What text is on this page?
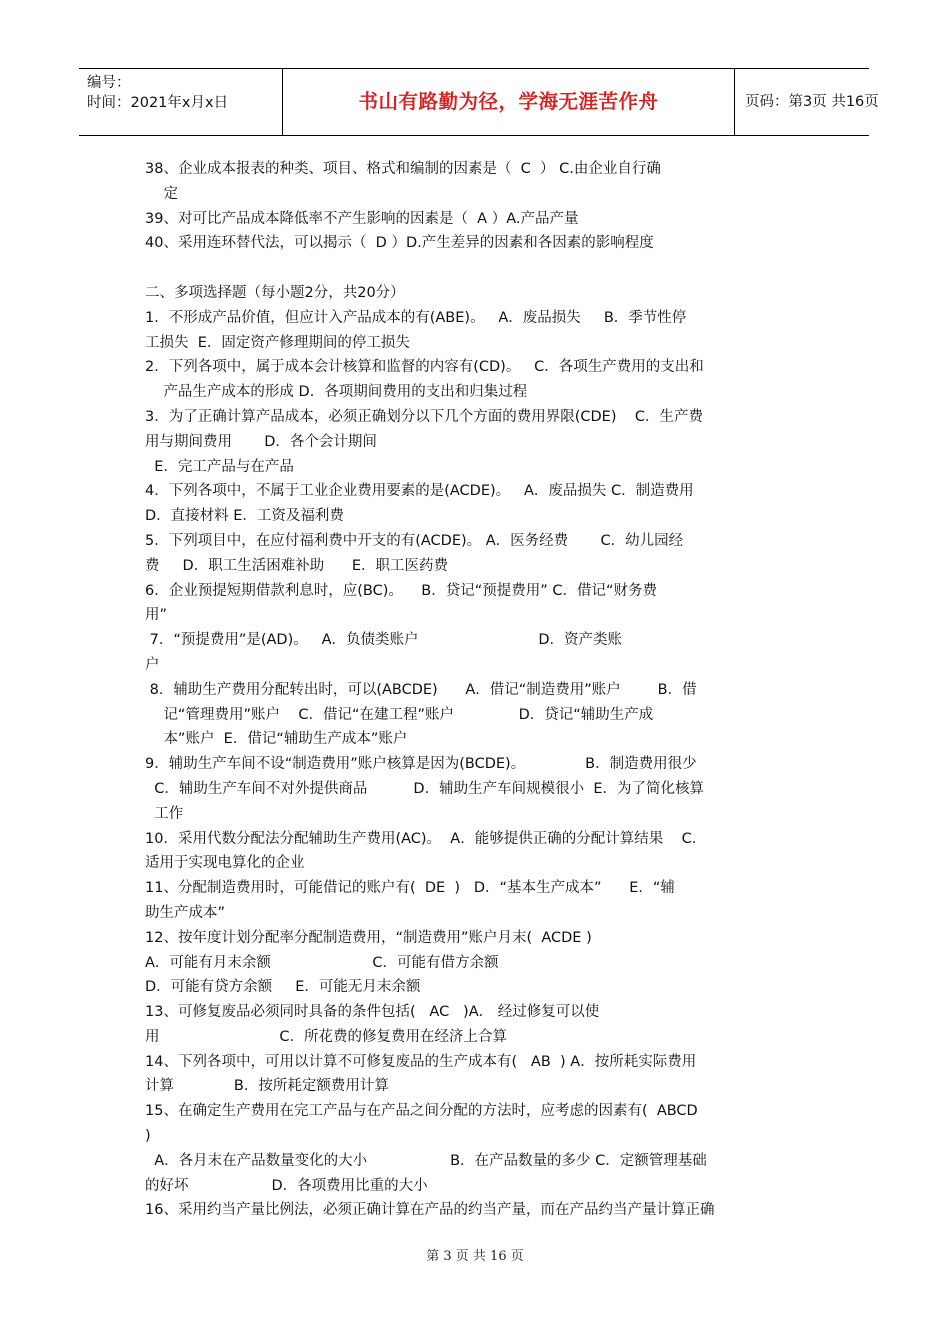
编号：
时间：2021年x月x日	书山有路勤为径，学海无涯苦作舟	页码：第3页 共16页

38、企业成本报表的种类、项目、格式和编制的因素是（  C  ） C.由企业自行确

定

39、对可比产品成本降低率不产生影响的因素是（  A ）A.产品产量

40、采用连环替代法，可以揭示（  D ）D.产生差异的因素和各因素的影响程度

二、多项选择题（每小题2分，共20分）

1．不形成产品价值，但应计入产品成本的有(ABE)。   A．废品损失     B．季节性停

工损失  E．固定资产修理期间的停工损失

2．下列各项中，属于成本会计核算和监督的内容有(CD)。   C．各项生产费用的支出和

产品生产成本的形成 D．各项期间费用的支出和归集过程

3．为了正确计算产品成本，必须正确划分以下几个方面的费用界限(CDE)    C．生产费

用与期间费用       D．各个会计期间

E．完工产品与在产品

4．下列各项中，不属于工业企业费用要素的是(ACDE)。   A．废品损失 C．制造费用

D．直接材料 E．工资及福利费

5．下列项目中，在应付福利费中开支的有(ACDE)。 A．医务经费       C．幼儿园经

费     D．职工生活困难补助      E．职工医药费

6．企业预提短期借款利息时，应(BC)。    B．贷记“预提费用” C．借记“财务费

用”

7．“预提费用”是(AD)。   A．负债类账户                          D．资产类账

户

8．辅助生产费用分配转出时，可以(ABCDE)      A．借记“制造费用”账户        B．借

记“管理费用”账户    C．借记“在建工程”账户              D．贷记“辅助生产成

本”账户  E．借记“辅助生产成本”账户

9．辅助生产车间不设“制造费用”账户核算是因为(BCDE)。             B．制造费用很少

C．辅助生产车间不对外提供商品          D．辅助生产车间规模很小  E．为了简化核算

工作

10．采用代数分配法分配辅助生产费用(AC)。  A．能够提供正确的分配计算结果    C．

适用于实现电算化的企业

11、分配制造费用时，可能借记的账户有(  DE  )   D．“基本生产成本”      E．“辅

助生产成本”

12、按年度计划分配率分配制造费用，“制造费用”账户月末(  ACDE )

A．可能有月末余额                      C．可能有借方余额

D．可能有贷方余额     E．可能无月末余额

13、可修复废品必须同时具备的条件包括(   AC   )A． 经过修复可以使

用                          C．所花费的修复费用在经济上合算

14、下列各项中，可用以计算不可修复废品的生产成本有(   AB  ) A．按所耗实际费用

计算             B．按所耗定额费用计算

15、在确定生产费用在完工产品与在产品之间分配的方法时，应考虑的因素有(  ABCD

)

A．各月末在产品数量变化的大小                  B．在产品数量的多少 C．定额管理基础

的好坏                  D．各项费用比重的大小

16、采用约当产量比例法，必须正确计算在产品的约当产量，而在产品约当产量计算正确

第 3 页 共 16 页
